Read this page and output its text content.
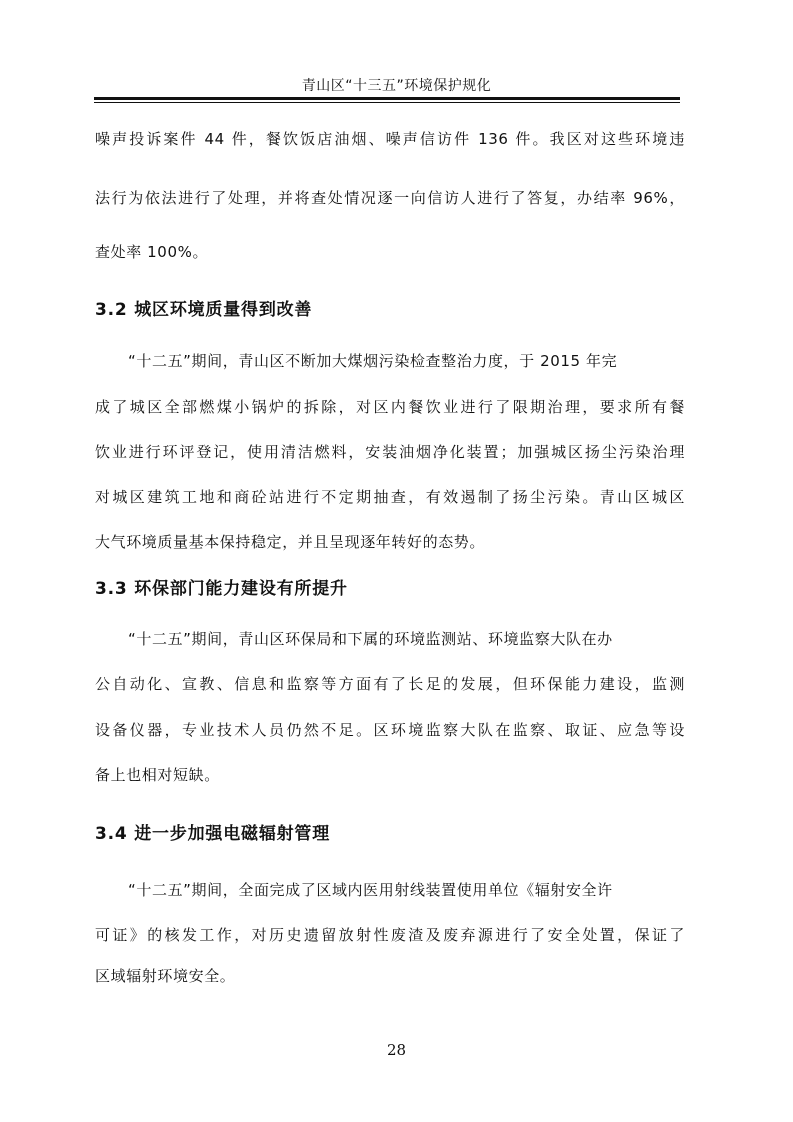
青山区“十三五”环境保护规化
噪声投诉案件 44 件，餐饮饭店油烟、噪声信访件 136 件。我区对这些环境违
法行为依法进行了处理，并将查处情况逐一向信访人进行了答复，办结率 96%，
查处率 100%。
3.2 城区环境质量得到改善
“十二五”期间，青山区不断加大煤烟污染检查整治力度，于 2015 年完
成了城区全部燃煤小锅炉的拆除，对区内餐饮业进行了限期治理，要求所有餐
饮业进行环评登记，使用清洁燃料，安装油烟净化装置；加强城区扬尘污染治理
对城区建筑工地和商砼站进行不定期抽查，有效遏制了扬尘污染。青山区城区
大气环境质量基本保持稳定，并且呈现逐年转好的态势。
3.3 环保部门能力建设有所提升
“十二五”期间，青山区环保局和下属的环境监测站、环境监察大队在办
公自动化、宣教、信息和监察等方面有了长足的发展，但环保能力建设，监测
设备仪器，专业技术人员仍然不足。区环境监察大队在监察、取证、应急等设
备上也相对短缺。
3.4 进一步加强电磁辐射管理
“十二五”期间，全面完成了区域内医用射线装置使用单位《辐射安全许
可证》的核发工作，对历史遗留放射性废渣及废弃源进行了安全处置，保证了
区域辐射环境安全。
28
